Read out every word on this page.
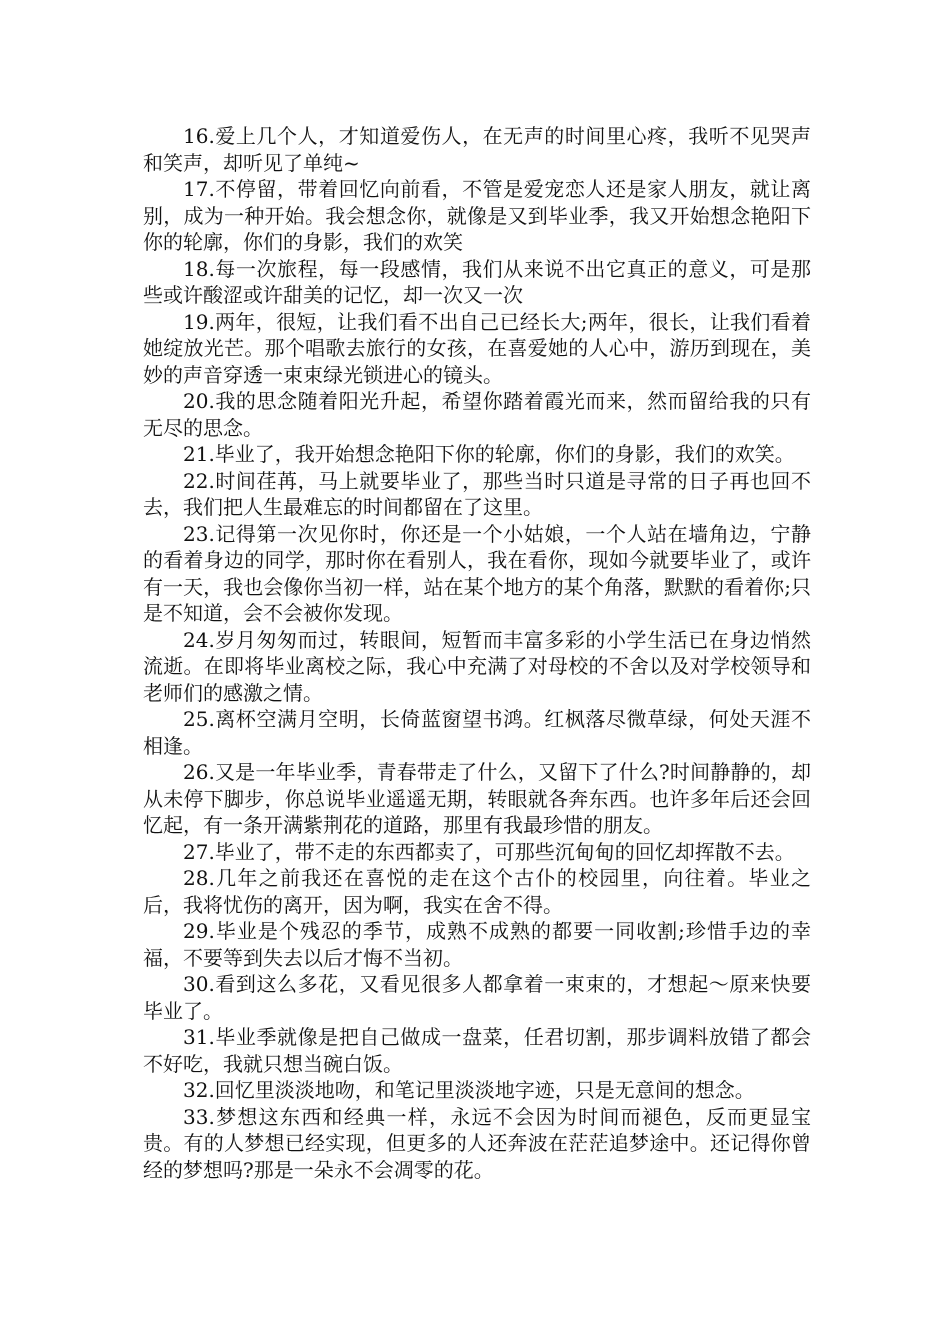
16.爱上几个人，才知道爱伤人，在无声的时间里心疼，我听不见哭声和笑声，却听见了单纯~

17.不停留，带着回忆向前看，不管是爱宠恋人还是家人朋友，就让离别，成为一种开始。我会想念你，就像是又到毕业季，我又开始想念艳阳下你的轮廓，你们的身影，我们的欢笑

18.每一次旅程，每一段感情，我们从来说不出它真正的意义，可是那些或许酸涩或许甜美的记忆，却一次又一次

19.两年，很短，让我们看不出自己已经长大;两年，很长，让我们看着她绽放光芒。那个唱歌去旅行的女孩，在喜爱她的人心中，游历到现在，美妙的声音穿透一束束绿光锁进心的镜头。

20.我的思念随着阳光升起，希望你踏着霞光而来，然而留给我的只有无尽的思念。

21.毕业了，我开始想念艳阳下你的轮廓，你们的身影，我们的欢笑。

22.时间荏苒，马上就要毕业了，那些当时只道是寻常的日子再也回不去，我们把人生最难忘的时间都留在了这里。

23.记得第一次见你时，你还是一个小姑娘，一个人站在墙角边，宁静的看着身边的同学，那时你在看别人，我在看你，现如今就要毕业了，或许有一天，我也会像你当初一样，站在某个地方的某个角落，默默的看着你;只是不知道，会不会被你发现。

24.岁月匆匆而过，转眼间，短暂而丰富多彩的小学生活已在身边悄然流逝。在即将毕业离校之际，我心中充满了对母校的不舍以及对学校领导和老师们的感激之情。

25.离杯空满月空明，长倚蓝窗望书鸿。红枫落尽微草绿，何处天涯不相逢。

26.又是一年毕业季，青春带走了什么，又留下了什么?时间静静的，却从未停下脚步，你总说毕业遥遥无期，转眼就各奔东西。也许多年后还会回忆起，有一条开满紫荆花的道路，那里有我最珍惜的朋友。

27.毕业了，带不走的东西都卖了，可那些沉甸甸的回忆却挥散不去。

28.几年之前我还在喜悦的走在这个古仆的校园里，向往着。毕业之后，我将忧伤的离开，因为啊，我实在舍不得。

29.毕业是个残忍的季节，成熟不成熟的都要一同收割;珍惜手边的幸福，不要等到失去以后才悔不当初。

30.看到这么多花，又看见很多人都拿着一束束的，才想起～原来快要毕业了。

31.毕业季就像是把自己做成一盘菜，任君切割，那步调料放错了都会不好吃，我就只想当碗白饭。

32.回忆里淡淡地吻，和笔记里淡淡地字迹，只是无意间的想念。

33.梦想这东西和经典一样，永远不会因为时间而褪色，反而更显宝贵。有的人梦想已经实现，但更多的人还奔波在茫茫追梦途中。还记得你曾经的梦想吗?那是一朵永不会凋零的花。
